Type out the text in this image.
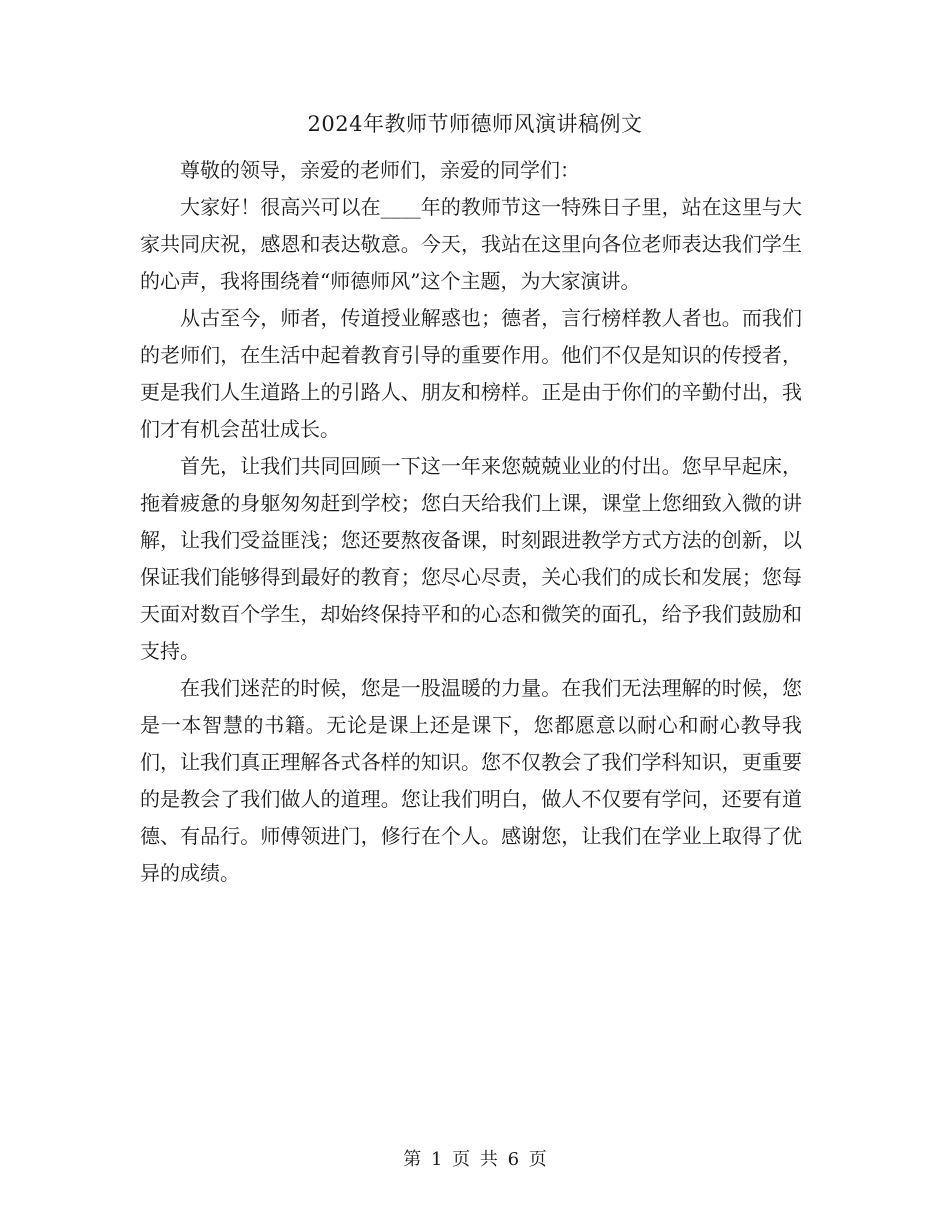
2024年教师节师德师风演讲稿例文

尊敬的领导，亲爱的老师们，亲爱的同学们：

大家好！很高兴可以在____年的教师节这一特殊日子里，站在这里与大家共同庆祝，感恩和表达敬意。今天，我站在这里向各位老师表达我们学生的心声，我将围绕着“师德师风”这个主题，为大家演讲。

从古至今，师者，传道授业解惑也；德者，言行榜样教人者也。而我们的老师们，在生活中起着教育引导的重要作用。他们不仅是知识的传授者，更是我们人生道路上的引路人、朋友和榜样。正是由于你们的辛勤付出，我们才有机会茁壮成长。

首先，让我们共同回顾一下这一年来您兢兢业业的付出。您早早起床，拖着疲惫的身躯匆匆赶到学校；您白天给我们上课，课堂上您细致入微的讲解，让我们受益匪浅；您还要熬夜备课，时刻跟进教学方式方法的创新，以保证我们能够得到最好的教育；您尽心尽责，关心我们的成长和发展；您每天面对数百个学生，却始终保持平和的心态和微笑的面孔，给予我们鼓励和支持。

在我们迷茫的时候，您是一股温暖的力量。在我们无法理解的时候，您是一本智慧的书籍。无论是课上还是课下，您都愿意以耐心和耐心教导我们，让我们真正理解各式各样的知识。您不仅教会了我们学科知识，更重要的是教会了我们做人的道理。您让我们明白，做人不仅要有学问，还要有道德、有品行。师傅领进门，修行在个人。感谢您，让我们在学业上取得了优异的成绩。

第 1 页 共 6 页
